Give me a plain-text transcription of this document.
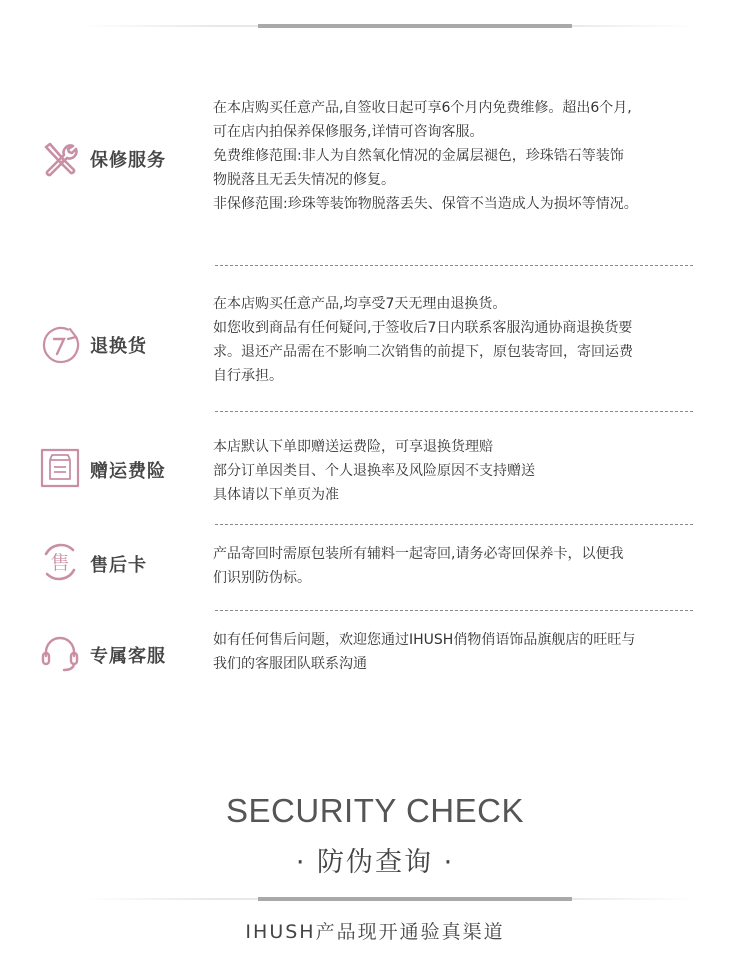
保修服务
在本店购买任意产品,自签收日起可享6个月内免费维修。超出6个月,
可在店内拍保养保修服务,详情可咨询客服。
免费维修范围:非人为自然氧化情况的金属层褪色，珍珠锆石等装饰
物脱落且无丢失情况的修复。
非保修范围:珍珠等装饰物脱落丢失、保管不当造成人为损坏等情况。
退换货
在本店购买任意产品,均享受7天无理由退换货。
如您收到商品有任何疑问,于签收后7日内联系客服沟通协商退换货要
求。退还产品需在不影响二次销售的前提下，原包装寄回，寄回运费
自行承担。
赠运费险
本店默认下单即赠送运费险，可享退换货理赔
部分订单因类目、个人退换率及风险原因不支持赠送
具体请以下单页为准
售 售后卡
产品寄回时需原包装所有辅料一起寄回,请务必寄回保养卡，以便我
们识别防伪标。
专属客服
如有任何售后问题，欢迎您通过IHUSH俏物俏语饰品旗舰店的旺旺与
我们的客服团队联系沟通
SECURITY CHECK
· 防伪查询 ·
IHUSH产品现开通验真渠道
